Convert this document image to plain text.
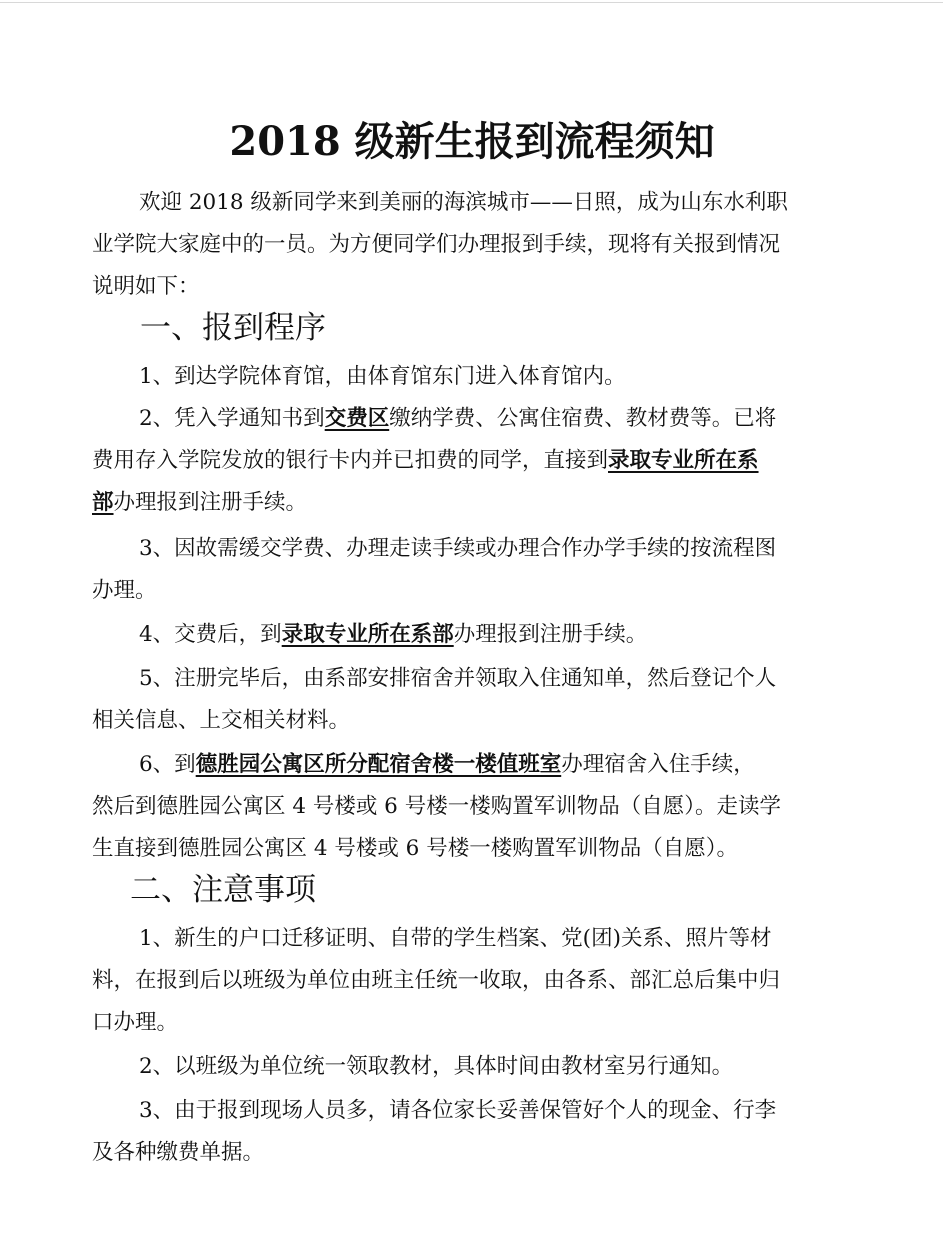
2018 级新生报到流程须知

欢迎 2018 级新同学来到美丽的海滨城市——日照，成为山东水利职
业学院大家庭中的一员。为方便同学们办理报到手续，现将有关报到情况
说明如下：

一、报到程序

1、到达学院体育馆，由体育馆东门进入体育馆内。

2、凭入学通知书到交费区缴纳学费、公寓住宿费、教材费等。已将
费用存入学院发放的银行卡内并已扣费的同学，直接到录取专业所在系
部办理报到注册手续。

3、因故需缓交学费、办理走读手续或办理合作办学手续的按流程图
办理。

4、交费后，到录取专业所在系部办理报到注册手续。

5、注册完毕后，由系部安排宿舍并领取入住通知单，然后登记个人
相关信息、上交相关材料。

6、到德胜园公寓区所分配宿舍楼一楼值班室办理宿舍入住手续，
然后到德胜园公寓区 4 号楼或 6 号楼一楼购置军训物品（自愿）。走读学
生直接到德胜园公寓区 4 号楼或 6 号楼一楼购置军训物品（自愿）。

二、注意事项

1、新生的户口迁移证明、自带的学生档案、党(团)关系、照片等材
料，在报到后以班级为单位由班主任统一收取，由各系、部汇总后集中归
口办理。

2、以班级为单位统一领取教材，具体时间由教材室另行通知。

3、由于报到现场人员多，请各位家长妥善保管好个人的现金、行李
及各种缴费单据。
